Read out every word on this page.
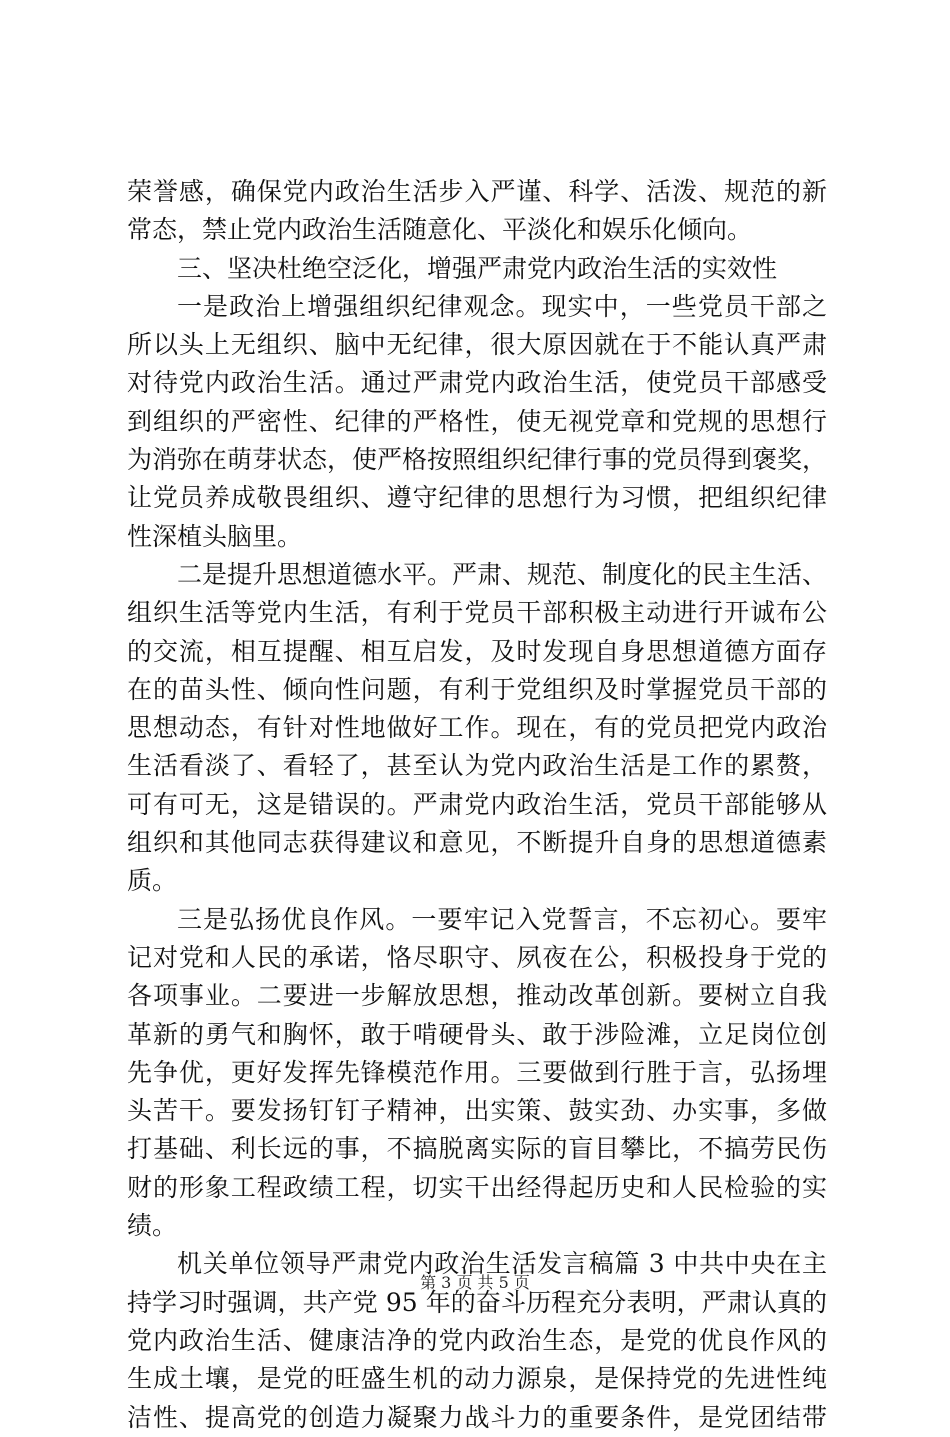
荣誉感，确保党内政治生活步入严谨、科学、活泼、规范的新
常态，禁止党内政治生活随意化、平淡化和娱乐化倾向。
三、坚决杜绝空泛化，增强严肃党内政治生活的实效性
一是政治上增强组织纪律观念。现实中，一些党员干部之
所以头上无组织、脑中无纪律，很大原因就在于不能认真严肃
对待党内政治生活。通过严肃党内政治生活，使党员干部感受
到组织的严密性、纪律的严格性，使无视党章和党规的思想行
为消弥在萌芽状态，使严格按照组织纪律行事的党员得到褒奖，
让党员养成敬畏组织、遵守纪律的思想行为习惯，把组织纪律
性深植头脑里。
二是提升思想道德水平。严肃、规范、制度化的民主生活、
组织生活等党内生活，有利于党员干部积极主动进行开诚布公
的交流，相互提醒、相互启发，及时发现自身思想道德方面存
在的苗头性、倾向性问题，有利于党组织及时掌握党员干部的
思想动态，有针对性地做好工作。现在，有的党员把党内政治
生活看淡了、看轻了，甚至认为党内政治生活是工作的累赘，
可有可无，这是错误的。严肃党内政治生活，党员干部能够从
组织和其他同志获得建议和意见，不断提升自身的思想道德素
质。
三是弘扬优良作风。一要牢记入党誓言，不忘初心。要牢
记对党和人民的承诺，恪尽职守、夙夜在公，积极投身于党的
各项事业。二要进一步解放思想，推动改革创新。要树立自我
革新的勇气和胸怀，敢于啃硬骨头、敢于涉险滩，立足岗位创
先争优，更好发挥先锋模范作用。三要做到行胜于言，弘扬埋
头苦干。要发扬钉钉子精神，出实策、鼓实劲、办实事，多做
打基础、利长远的事，不搞脱离实际的盲目攀比，不搞劳民伤
财的形象工程政绩工程，切实干出经得起历史和人民检验的实
绩。
机关单位领导严肃党内政治生活发言稿篇 3 中共中央在主
持学习时强调，共产党 95 年的奋斗历程充分表明，严肃认真的
党内政治生活、健康洁净的党内政治生态，是党的优良作风的
生成土壤，是党的旺盛生机的动力源泉，是保持党的先进性纯
洁性、提高党的创造力凝聚力战斗力的重要条件，是党团结带
第 3 页 共 5 页
